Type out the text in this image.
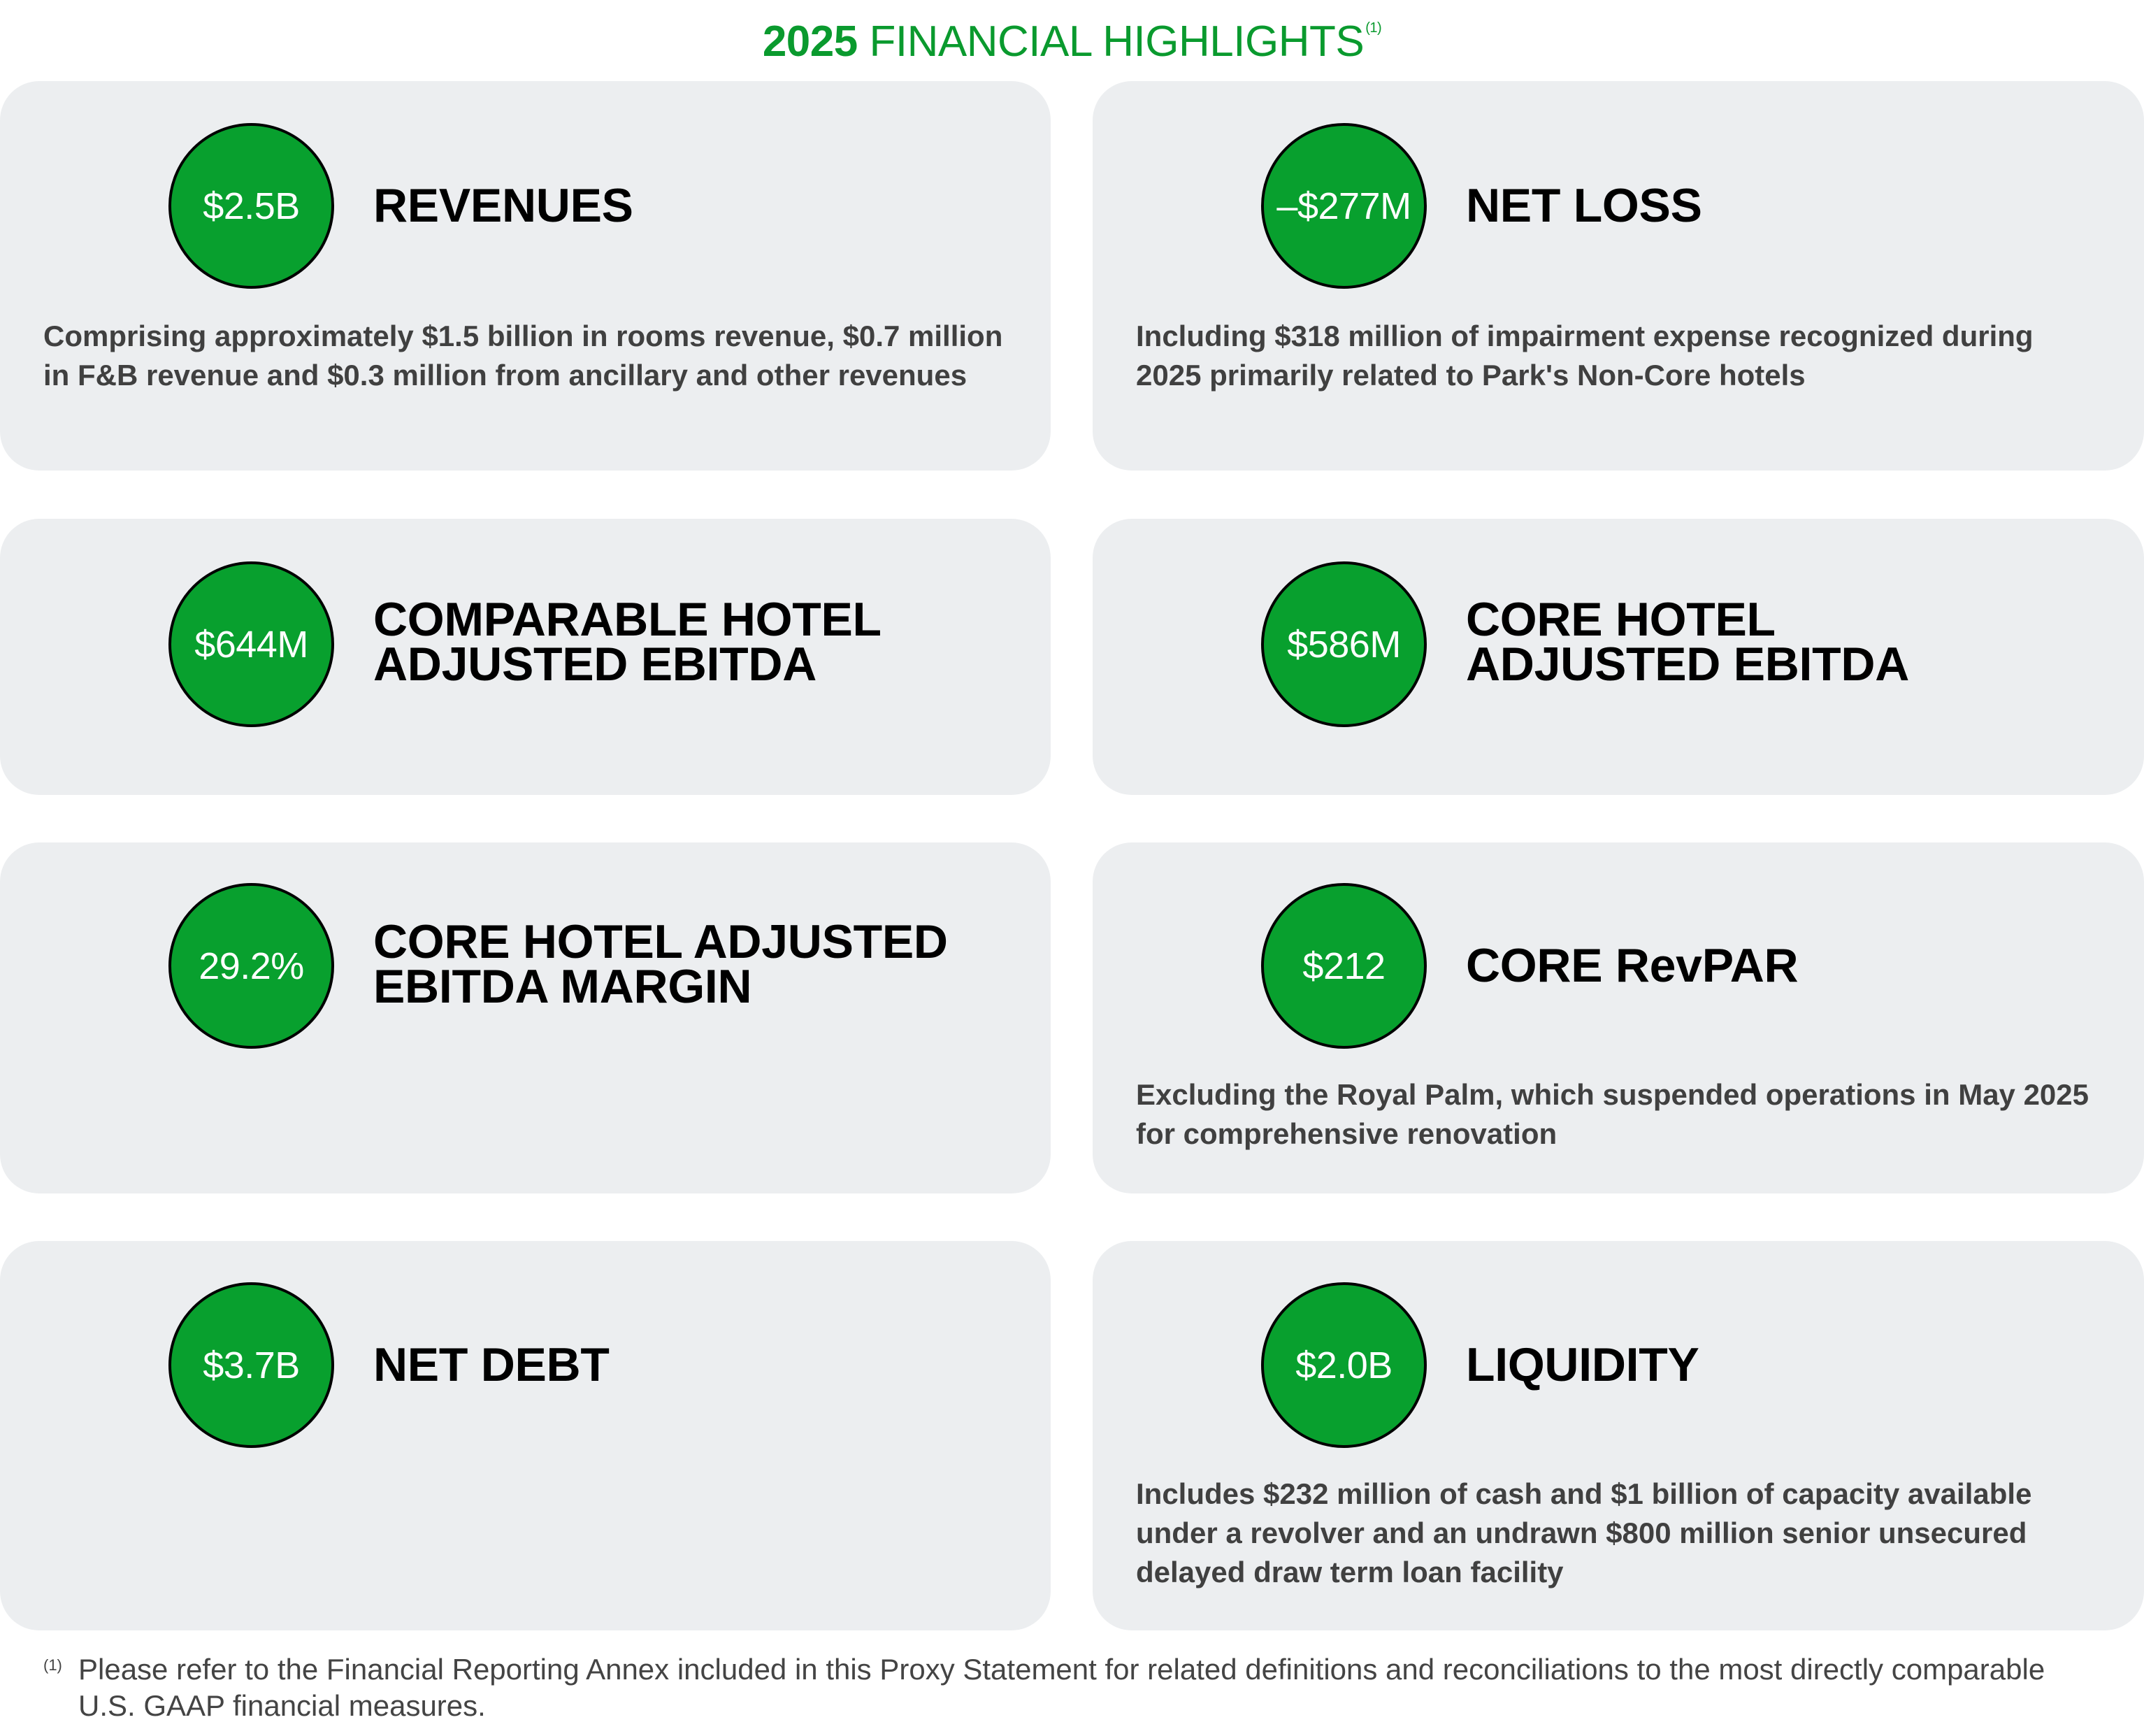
2025 FINANCIAL HIGHLIGHTS $^{(1)}$
$2.5B	REVENUES
Comprising approximately $1.5 billion in rooms revenue, $0.7 million in F&B revenue and $0.3 million from ancillary and other revenues
–$277M	NET LOSS
Including $318 million of impairment expense recognized during 2025 primarily related to Park's Non-Core hotels
$644M	COMPARABLE HOTEL
ADJUSTED EBITDA	$586M	CORE HOTEL
ADJUSTED EBITDA
29.2%	CORE HOTEL ADJUSTED
EBITDA MARGIN	$212	CORE RevPAR
Excluding the Royal Palm, which suspended operations in May 2025 for comprehensive renovation
$3.7B	NET DEBT	$2.0B	LIQUIDITY
Includes $232 million of cash and $1 billion of capacity available under a revolver and an undrawn $800 million senior unsecured delayed draw term loan facility
(1) Please refer to the Financial Reporting Annex included in this Proxy Statement for related definitions and reconciliations to the most directly comparable U.S. GAAP financial measures.
